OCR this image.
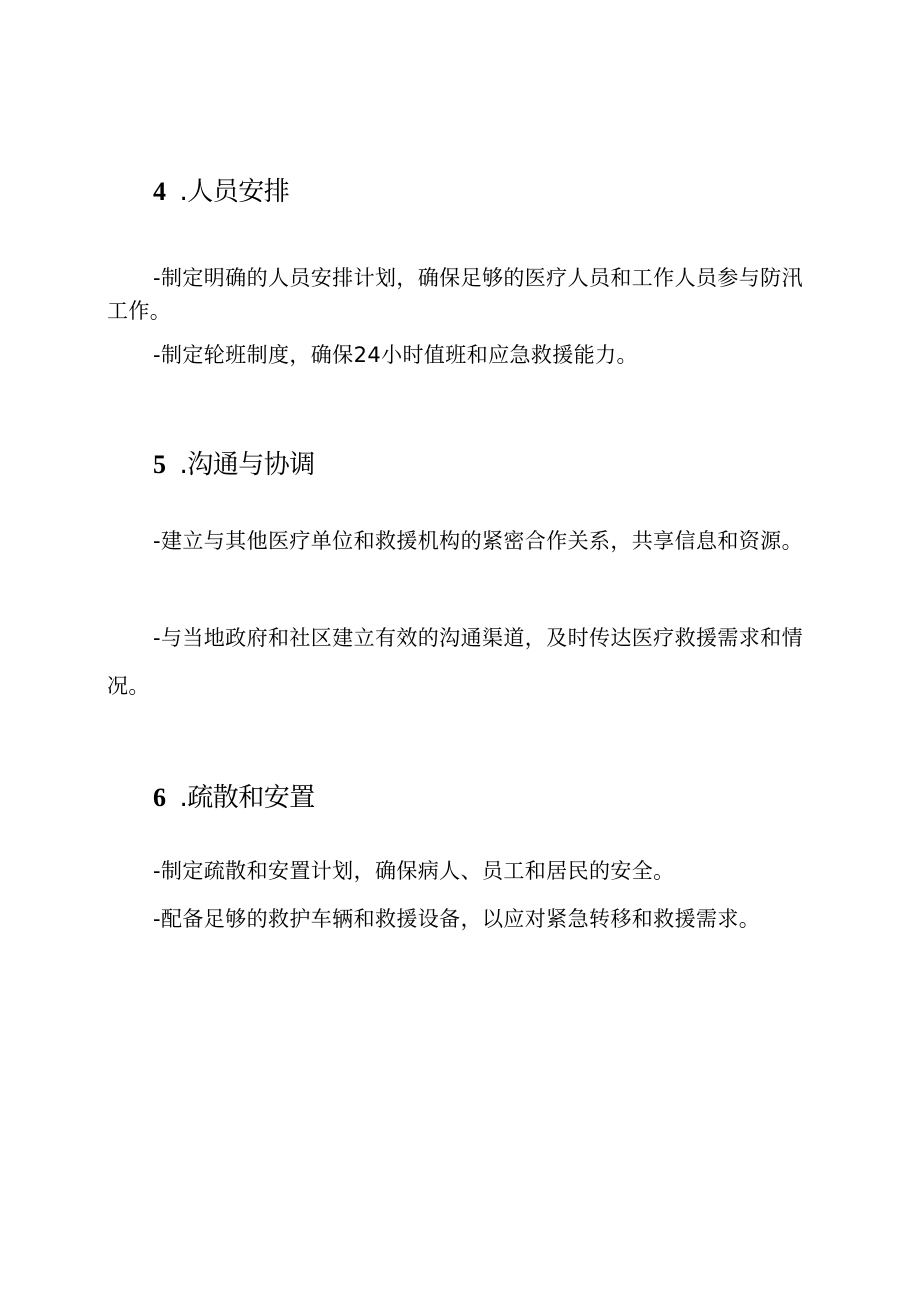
4 .人员安排
-制定明确的人员安排计划，确保足够的医疗人员和工作人员参与防汛工作。
-制定轮班制度，确保24小时值班和应急救援能力。
5 .沟通与协调
-建立与其他医疗单位和救援机构的紧密合作关系，共享信息和资源。
-与当地政府和社区建立有效的沟通渠道，及时传达医疗救援需求和情况。
6 .疏散和安置
-制定疏散和安置计划，确保病人、员工和居民的安全。
-配备足够的救护车辆和救援设备，以应对紧急转移和救援需求。
